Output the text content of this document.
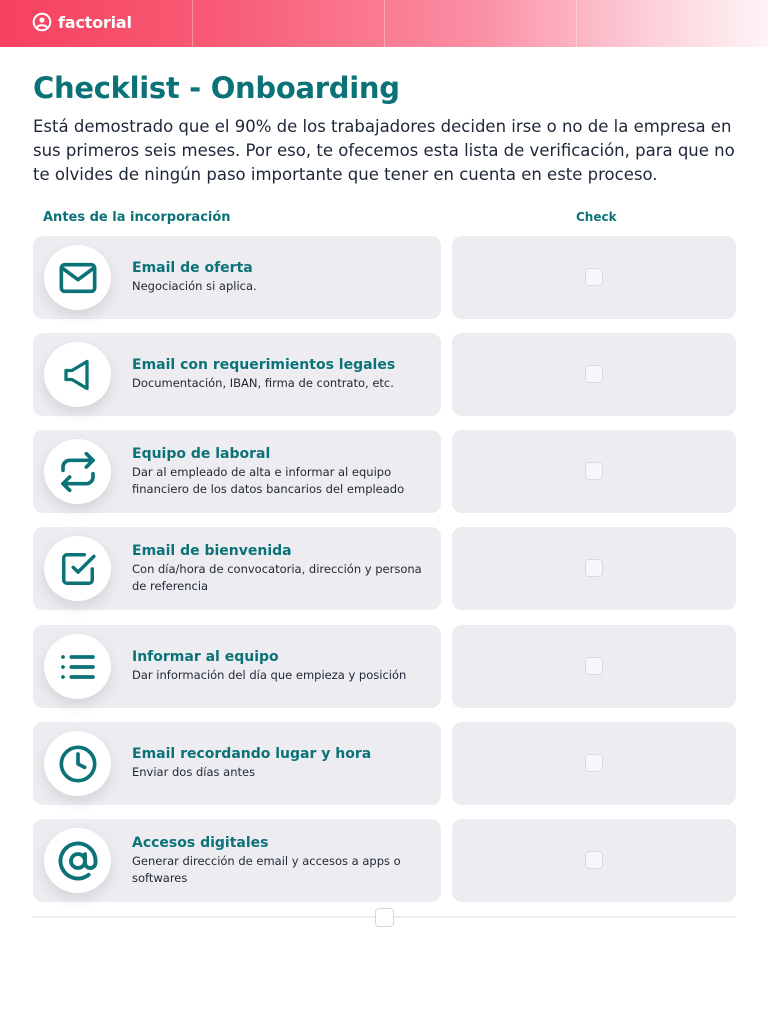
factorial
Checklist - Onboarding

Está demostrado que el 90% de los trabajadores deciden irse o no de la empresa en sus primeros seis meses. Por eso, te ofecemos esta lista de verificación, para que no te olvides de ningún paso importante que tener en cuenta en este proceso.

Antes de la incorporación	Check
Email de oferta
Negociación si aplica.
Email con requerimientos legales
Documentación, IBAN, firma de contrato, etc.
Equipo de laboral
Dar al empleado de alta e informar al equipo financiero de los datos bancarios del empleado
Email de bienvenida
Con día/hora de convocatoria, dirección y persona de referencia
Informar al equipo
Dar información del día que empieza y posición
Email recordando lugar y hora
Enviar dos días antes
Accesos digitales
Generar dirección de email y accesos a apps o softwares
